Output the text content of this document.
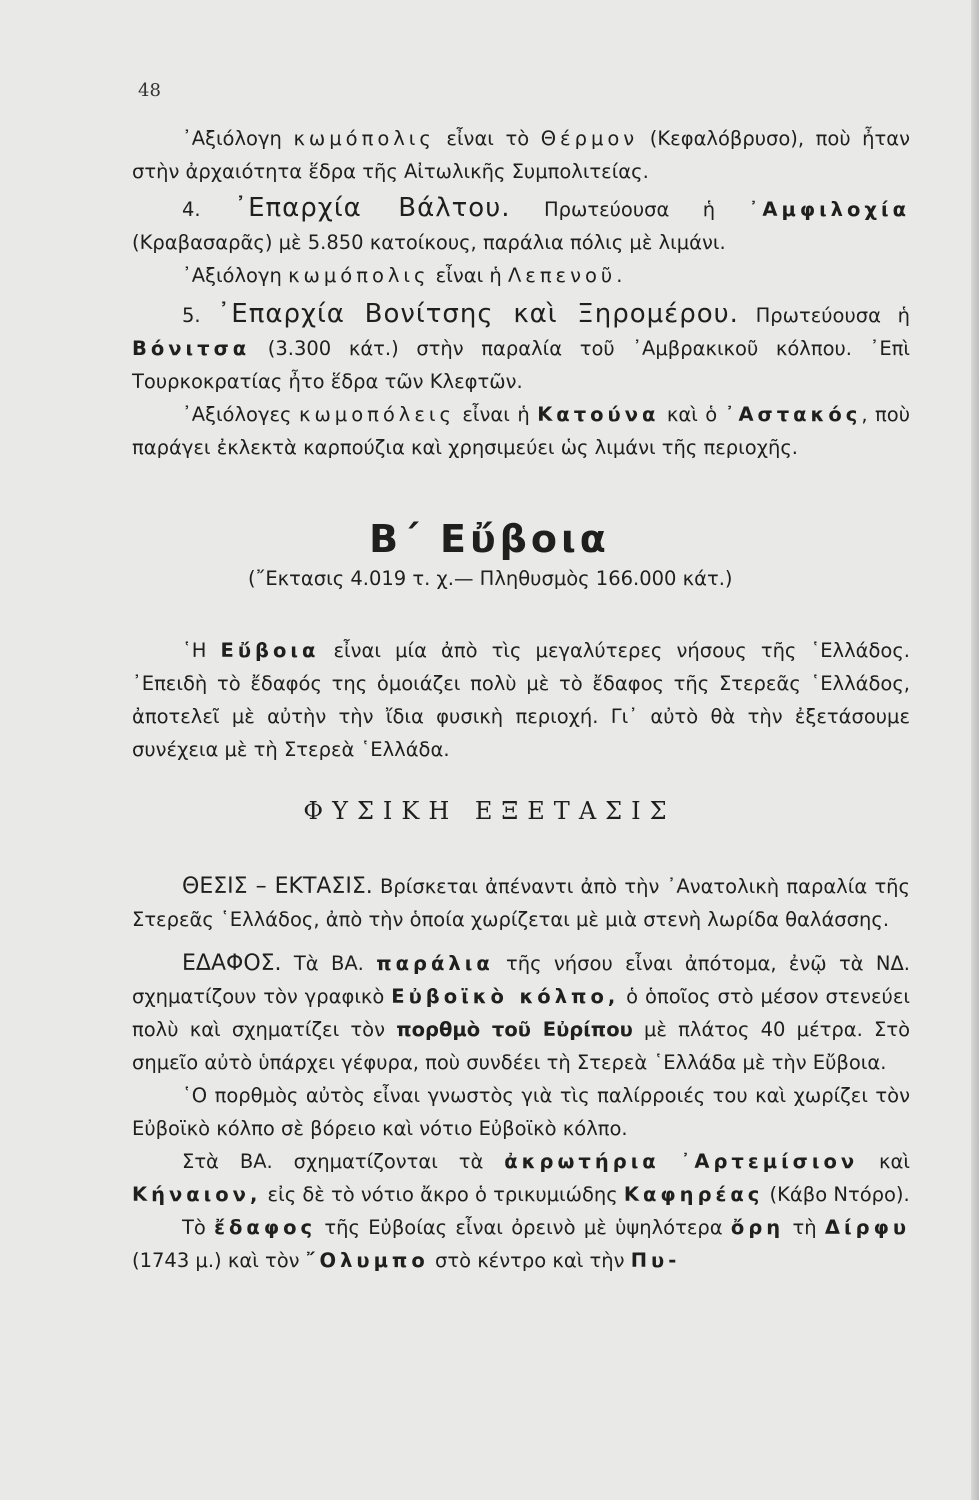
48

᾿Αξιόλογη κωμόπολις εἶναι τὸ Θέρμον (Κεφαλόβρυσο), ποὺ ἦταν στὴν ἀρχαιότητα ἕδρα τῆς Αἰτωλικῆς Συμπολιτείας.

4. ᾿Επαρχία Βάλτου. Πρωτεύουσα ἡ ᾿Αμφιλοχία (Κραβασαρᾶς) μὲ 5.850 κατοίκους, παράλια πόλις μὲ λιμάνι.

᾿Αξιόλογη κωμόπολις εἶναι ἡ Λεπενοῦ.

5. ᾿Επαρχία Βονίτσης καὶ Ξηρομέρου. Πρωτεύουσα ἡ Βόνιτσα (3.300 κάτ.) στὴν παραλία τοῦ ᾿Αμβρακικοῦ κόλπου. ᾿Επὶ Τουρκοκρατίας ἦτο ἕδρα τῶν Κλεφτῶν.

᾿Αξιόλογες κωμοπόλεις εἶναι ἡ Κατούνα καὶ ὁ ᾿Αστακός, ποὺ παράγει ἐκλεκτὰ καρπούζια καὶ χρησιμεύει ὡς λιμάνι τῆς περιοχῆς.

Β΄ Εὔβοια
(῎Εκτασις 4.019 τ. χ.— Πληθυσμὸς 166.000 κάτ.)

῾Η Εὔβοια εἶναι μία ἀπὸ τὶς μεγαλύτερες νήσους τῆς ῾Ελλάδος. ᾿Επειδὴ τὸ ἔδαφός της ὁμοιάζει πολὺ μὲ τὸ ἔδαφος τῆς Στερεᾶς ῾Ελλάδος, ἀποτελεῖ μὲ αὐτὴν τὴν ἴδια φυσικὴ περιοχή. Γι᾿ αὐτὸ θὰ τὴν ἐξετάσουμε συνέχεια μὲ τὴ Στερεὰ ῾Ελλάδα.

ΦΥΣΙΚΗ ΕΞΕΤΑΣΙΣ

ΘΕΣΙΣ – ΕΚΤΑΣΙΣ. Βρίσκεται ἀπέναντι ἀπὸ τὴν ᾿Ανατολικὴ παραλία τῆς Στερεᾶς ῾Ελλάδος, ἀπὸ τὴν ὁποία χωρίζεται μὲ μιὰ στενὴ λωρίδα θαλάσσης.

ΕΔΑΦΟΣ. Τὰ ΒΑ. παράλια τῆς νήσου εἶναι ἀπότομα, ἐνῷ τὰ ΝΔ. σχηματίζουν τὸν γραφικὸ Εὐβοϊκὸ κόλπο, ὁ ὁποῖος στὸ μέσον στενεύει πολὺ καὶ σχηματίζει τὸν πορθμὸ τοῦ Εὐρίπου μὲ πλάτος 40 μέτρα. Στὸ σημεῖο αὐτὸ ὑπάρχει γέφυρα, ποὺ συνδέει τὴ Στερεὰ ῾Ελλάδα μὲ τὴν Εὔβοια.

῾Ο πορθμὸς αὐτὸς εἶναι γνωστὸς γιὰ τὶς παλίρροιές του καὶ χωρίζει τὸν Εὐβοϊκὸ κόλπο σὲ βόρειο καὶ νότιο Εὐβοϊκὸ κόλπο.

Στὰ ΒΑ. σχηματίζονται τὰ ἀκρωτήρια ᾿Αρτεμίσιον καὶ Κήναιον, εἰς δὲ τὸ νότιο ἄκρο ὁ τρικυμιώδης Καφηρέας (Κάβο Ντόρο).

Τὸ ἔδαφος τῆς Εὐβοίας εἶναι ὀρεινὸ μὲ ὑψηλότερα ὄρη τὴ Δίρφυ (1743 μ.) καὶ τὸν ῎Ολυμπο στὸ κέντρο καὶ τὴν Πυ-
